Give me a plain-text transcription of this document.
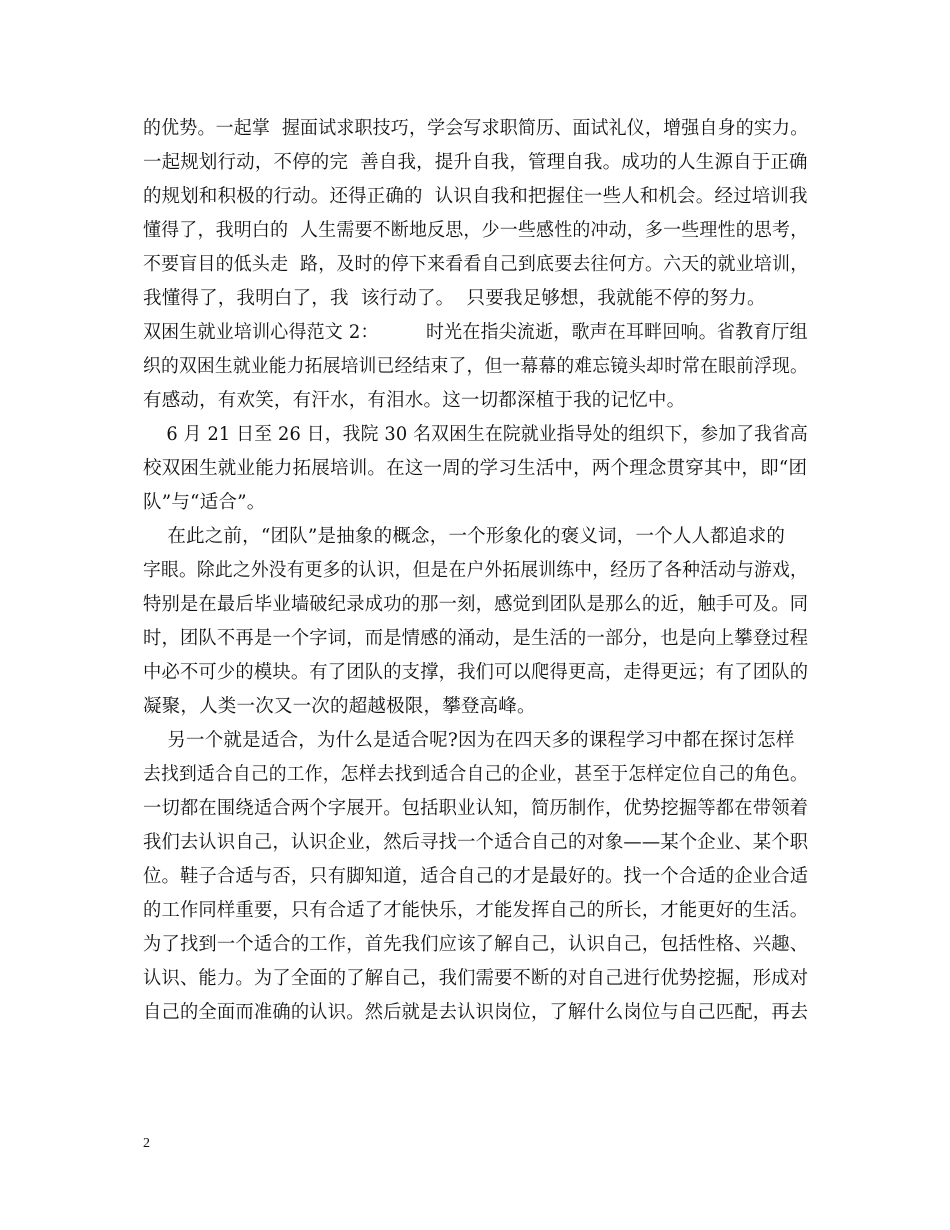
的优势。一起掌  握面试求职技巧，学会写求职简历、面试礼仪，增强自身的实力。
一起规划行动，不停的完  善自我，提升自我，管理自我。成功的人生源自于正确
的规划和积极的行动。还得正确的  认识自我和把握住一些人和机会。经过培训我
懂得了，我明白的  人生需要不断地反思，少一些感性的冲动，多一些理性的思考，
不要盲目的低头走  路，及时的停下来看看自己到底要去往何方。六天的就业培训，
我懂得了，我明白了，我  该行动了。  只要我足够想，我就能不停的努力。
双困生就业培训心得范文 2：        时光在指尖流逝，歌声在耳畔回响。省教育厅组
织的双困生就业能力拓展培训已经结束了，但一幕幕的难忘镜头却时常在眼前浮现。
有感动，有欢笑，有汗水，有泪水。这一切都深植于我的记忆中。
6 月 21 日至 26 日，我院 30 名双困生在院就业指导处的组织下，参加了我省高
校双困生就业能力拓展培训。在这一周的学习生活中，两个理念贯穿其中，即“团
队”与“适合”。
在此之前，“团队”是抽象的概念，一个形象化的褒义词，一个人人都追求的
字眼。除此之外没有更多的认识，但是在户外拓展训练中，经历了各种活动与游戏，
特别是在最后毕业墙破纪录成功的那一刻，感觉到团队是那么的近，触手可及。同
时，团队不再是一个字词，而是情感的涌动，是生活的一部分，也是向上攀登过程
中必不可少的模块。有了团队的支撑，我们可以爬得更高，走得更远；有了团队的
凝聚，人类一次又一次的超越极限，攀登高峰。
另一个就是适合，为什么是适合呢?因为在四天多的课程学习中都在探讨怎样
去找到适合自己的工作，怎样去找到适合自己的企业，甚至于怎样定位自己的角色。
一切都在围绕适合两个字展开。包括职业认知，简历制作，优势挖掘等都在带领着
我们去认识自己，认识企业，然后寻找一个适合自己的对象——某个企业、某个职
位。鞋子合适与否，只有脚知道，适合自己的才是最好的。找一个合适的企业合适
的工作同样重要，只有合适了才能快乐，才能发挥自己的所长，才能更好的生活。
为了找到一个适合的工作，首先我们应该了解自己，认识自己，包括性格、兴趣、
认识、能力。为了全面的了解自己，我们需要不断的对自己进行优势挖掘，形成对
自己的全面而准确的认识。然后就是去认识岗位，了解什么岗位与自己匹配，再去
2
